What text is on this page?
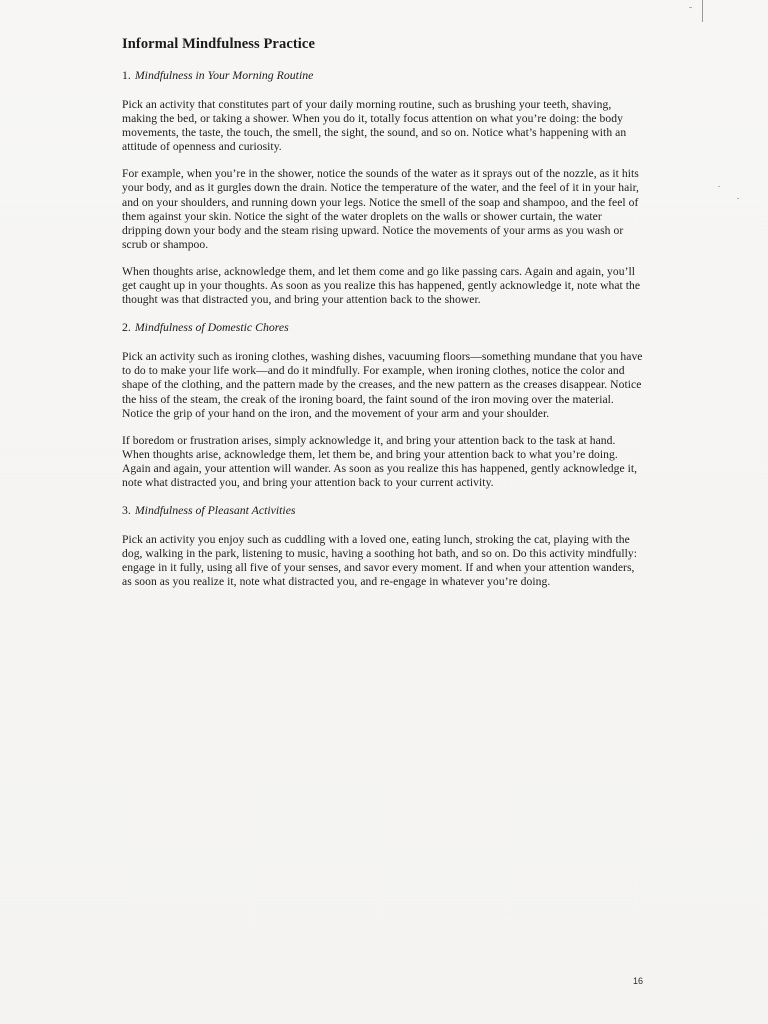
Informal Mindfulness Practice
1. Mindfulness in Your Morning Routine

Pick an activity that constitutes part of your daily morning routine, such as brushing your teeth, shaving, making the bed, or taking a shower. When you do it, totally focus attention on what you’re doing: the body movements, the taste, the touch, the smell, the sight, the sound, and so on. Notice what’s happening with an attitude of openness and curiosity.

For example, when you’re in the shower, notice the sounds of the water as it sprays out of the nozzle, as it hits your body, and as it gurgles down the drain. Notice the temperature of the water, and the feel of it in your hair, and on your shoulders, and running down your legs. Notice the smell of the soap and shampoo, and the feel of them against your skin. Notice the sight of the water droplets on the walls or shower curtain, the water dripping down your body and the steam rising upward. Notice the movements of your arms as you wash or scrub or shampoo.

When thoughts arise, acknowledge them, and let them come and go like passing cars. Again and again, you’ll get caught up in your thoughts. As soon as you realize this has happened, gently acknowledge it, note what the thought was that distracted you, and bring your attention back to the shower.

2. Mindfulness of Domestic Chores

Pick an activity such as ironing clothes, washing dishes, vacuuming floors—something mundane that you have to do to make your life work—and do it mindfully. For example, when ironing clothes, notice the color and shape of the clothing, and the pattern made by the creases, and the new pattern as the creases disappear. Notice the hiss of the steam, the creak of the ironing board, the faint sound of the iron moving over the material. Notice the grip of your hand on the iron, and the movement of your arm and your shoulder.

If boredom or frustration arises, simply acknowledge it, and bring your attention back to the task at hand. When thoughts arise, acknowledge them, let them be, and bring your attention back to what you’re doing. Again and again, your attention will wander. As soon as you realize this has happened, gently acknowledge it, note what distracted you, and bring your attention back to your current activity.

3. Mindfulness of Pleasant Activities

Pick an activity you enjoy such as cuddling with a loved one, eating lunch, stroking the cat, playing with the dog, walking in the park, listening to music, having a soothing hot bath, and so on. Do this activity mindfully: engage in it fully, using all five of your senses, and savor every moment. If and when your attention wanders, as soon as you realize it, note what distracted you, and re-engage in whatever you’re doing.

16
